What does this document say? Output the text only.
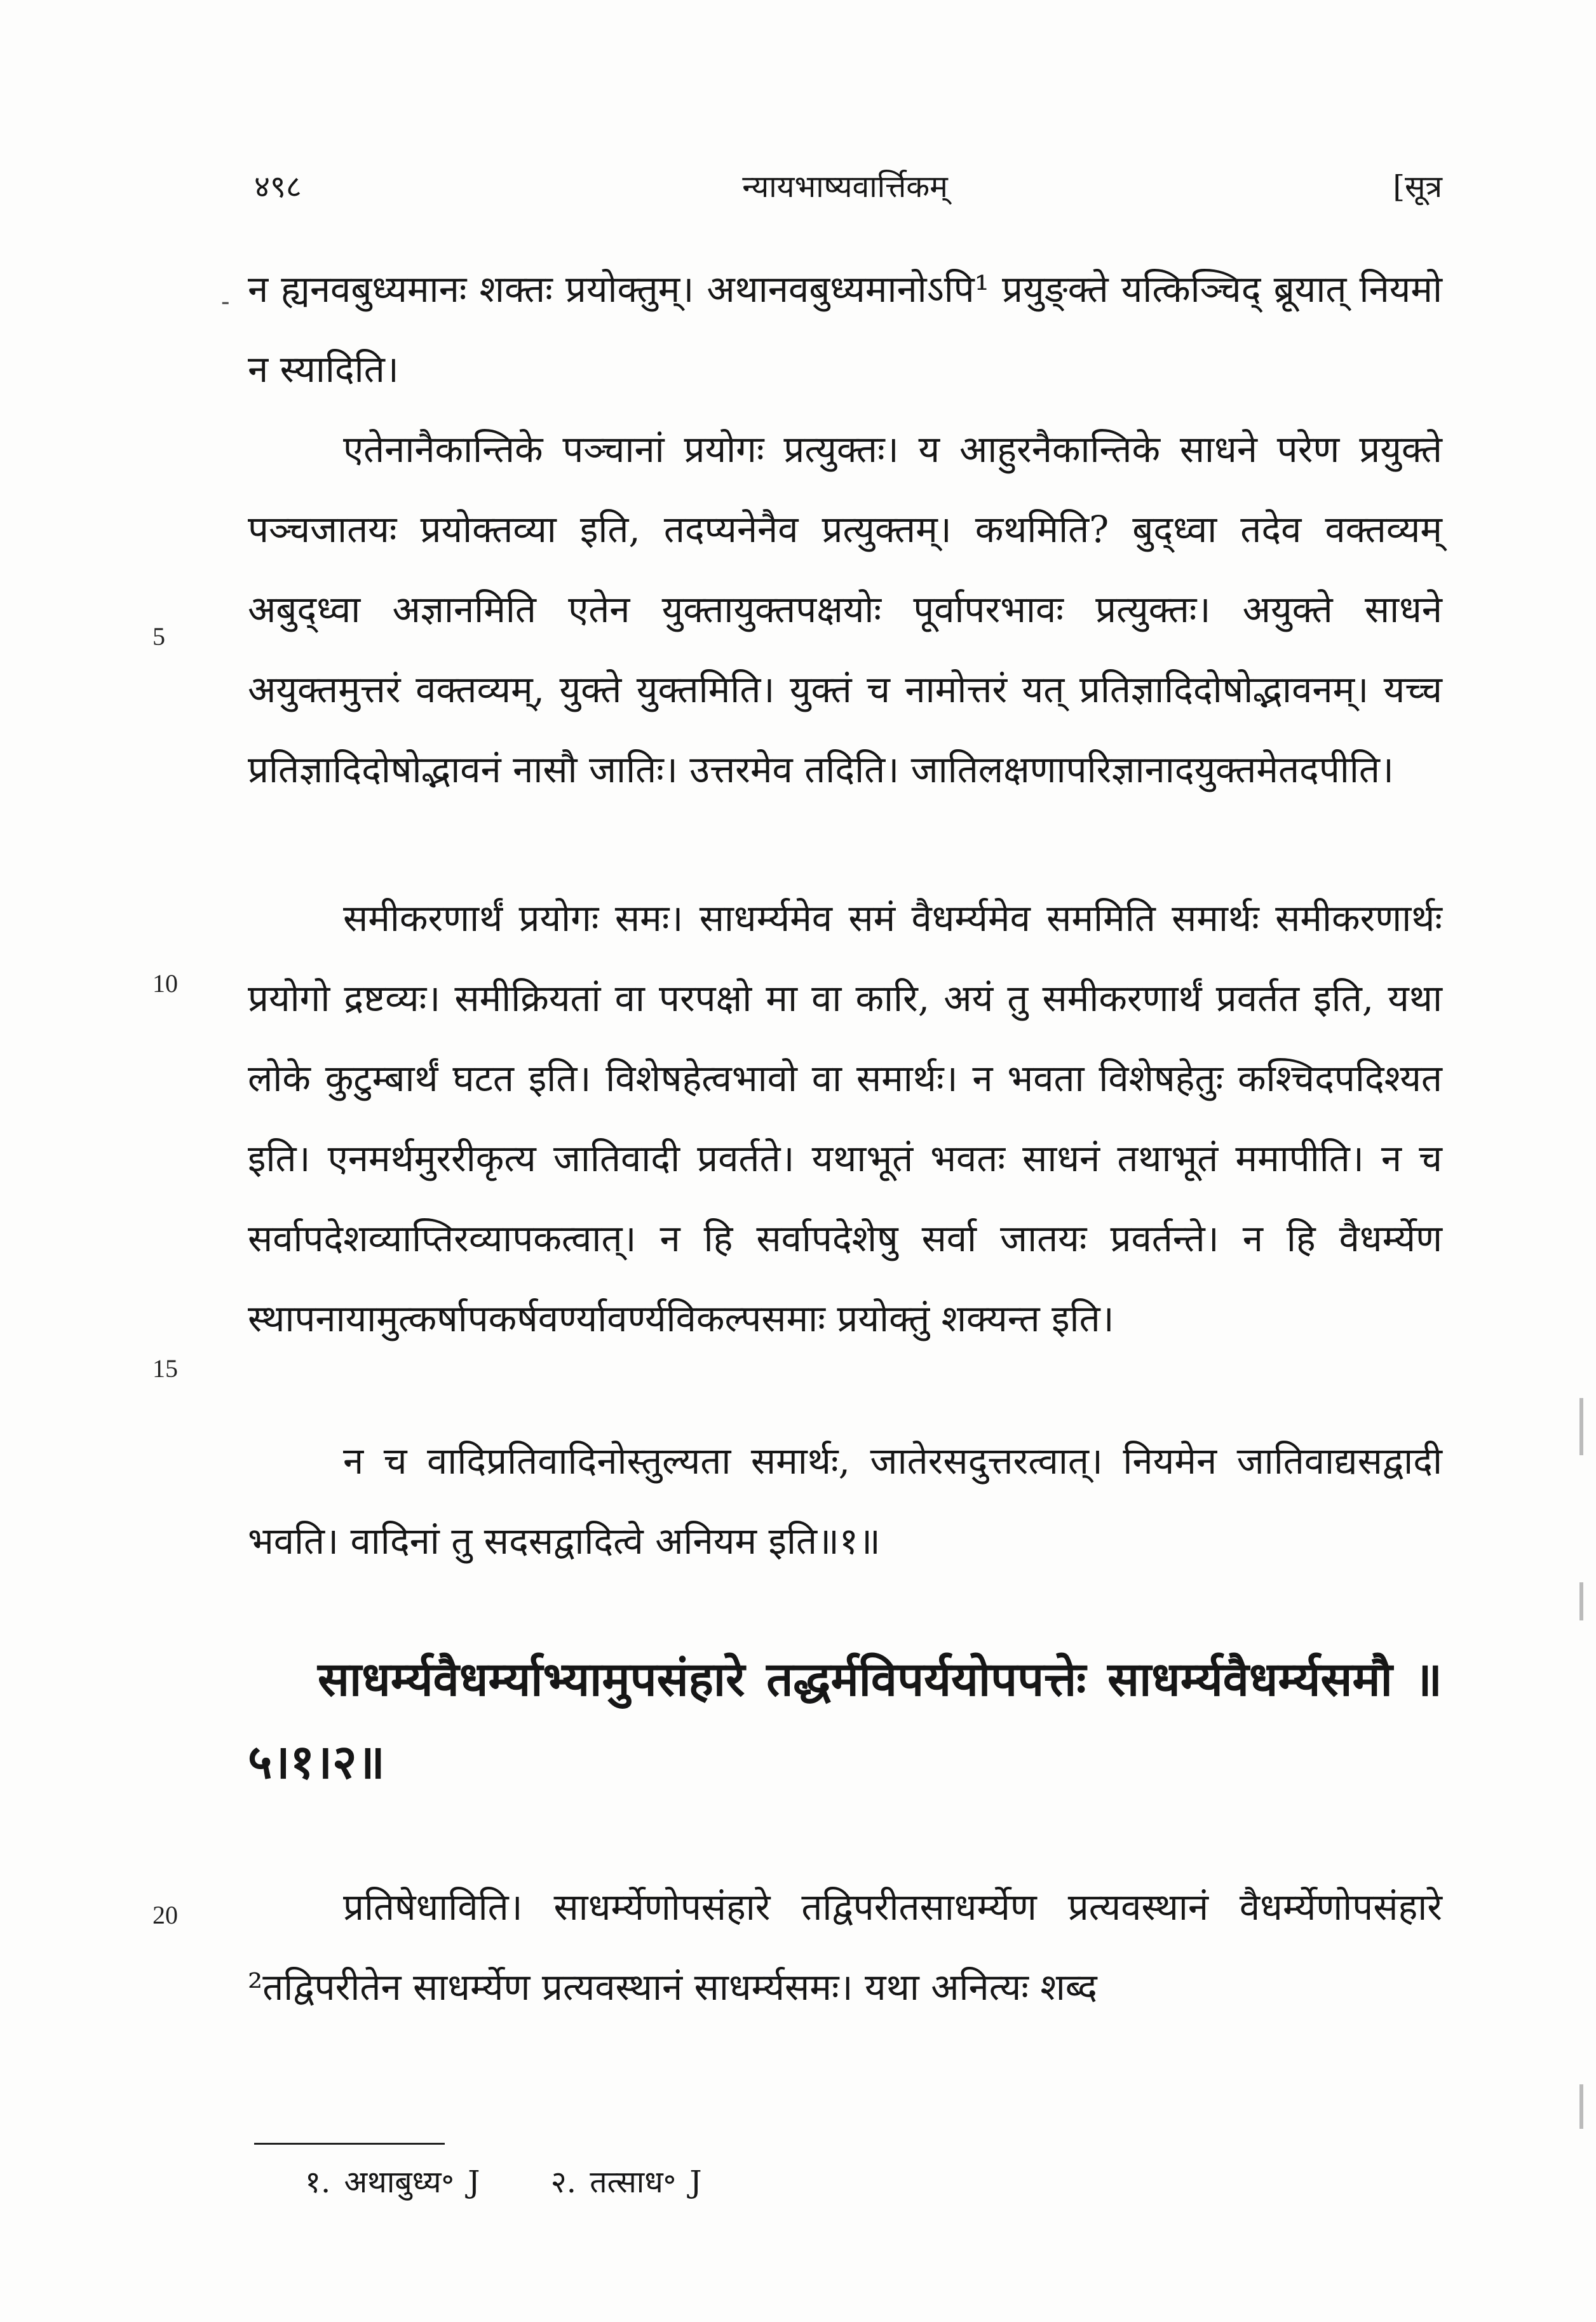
४९८	न्यायभाष्यवार्त्तिकम्	[सूत्र
- न ह्यनवबुध्यमानः शक्तः प्रयोक्तुम्। अथानवबुध्यमानोऽपि¹ प्रयुङ्क्ते यत्किञ्चिद् ब्रूयात् नियमो न स्यादिति।

एतेनानैकान्तिके पञ्चानां प्रयोगः प्रत्युक्तः। य आहुरनैकान्तिके साधने परेण प्रयुक्ते पञ्चजातयः प्रयोक्तव्या इति, तदप्यनेनैव प्रत्युक्तम्। कथमिति? बुद्ध्वा तदेव वक्तव्यम् अबुद्ध्वा अज्ञानमिति एतेन युक्तायुक्तपक्षयोः पूर्वापरभावः प्रत्युक्तः। अयुक्ते साधने अयुक्तमुत्तरं वक्तव्यम्, युक्ते युक्तमिति। युक्तं च नामोत्तरं यत् प्रतिज्ञादिदोषोद्भावनम्। यच्च प्रतिज्ञादिदोषोद्भावनं नासौ जातिः। उत्तरमेव तदिति। जातिलक्षणापरिज्ञानादयुक्तमेतदपीति।

समीकरणार्थं प्रयोगः समः। साधर्म्यमेव समं वैधर्म्यमेव सममिति समार्थः समीकरणार्थः प्रयोगो द्रष्टव्यः। समीक्रियतां वा परपक्षो मा वा कारि, अयं तु समीकरणार्थं प्रवर्तत इति, यथा लोके कुटुम्बार्थं घटत इति। विशेषहेत्वभावो वा समार्थः। न भवता विशेषहेतुः कश्चिदपदिश्यत इति। एनमर्थमुररीकृत्य जातिवादी प्रवर्तते। यथाभूतं भवतः साधनं तथाभूतं ममापीति। न च सर्वापदेशव्याप्तिरव्यापकत्वात्। न हि सर्वापदेशेषु सर्वा जातयः प्रवर्तन्ते। न हि वैधर्म्येण स्थापनायामुत्कर्षापकर्षवर्ण्यावर्ण्यविकल्पसमाः प्रयोक्तुं शक्यन्त इति।

न च वादिप्रतिवादिनोस्तुल्यता समार्थः, जातेरसदुत्तरत्वात्। नियमेन जातिवाद्यसद्वादी भवति। वादिनां तु सदसद्वादित्वे अनियम इति॥१॥

5
10
15
20
साधर्म्यवैधर्म्याभ्यामुपसंहारे तद्धर्मविपर्ययोपपत्तेः साधर्म्यवैधर्म्यसमौ ॥५।१।२॥

प्रतिषेधाविति। साधर्म्येणोपसंहारे तद्विपरीतसाधर्म्येण प्रत्यवस्थानं वैधर्म्येणोपसंहारे ²तद्विपरीतेन साधर्म्येण प्रत्यवस्थानं साधर्म्यसमः। यथा अनित्यः शब्द

१. अथाबुध्य॰ J २. तत्साध॰ J
